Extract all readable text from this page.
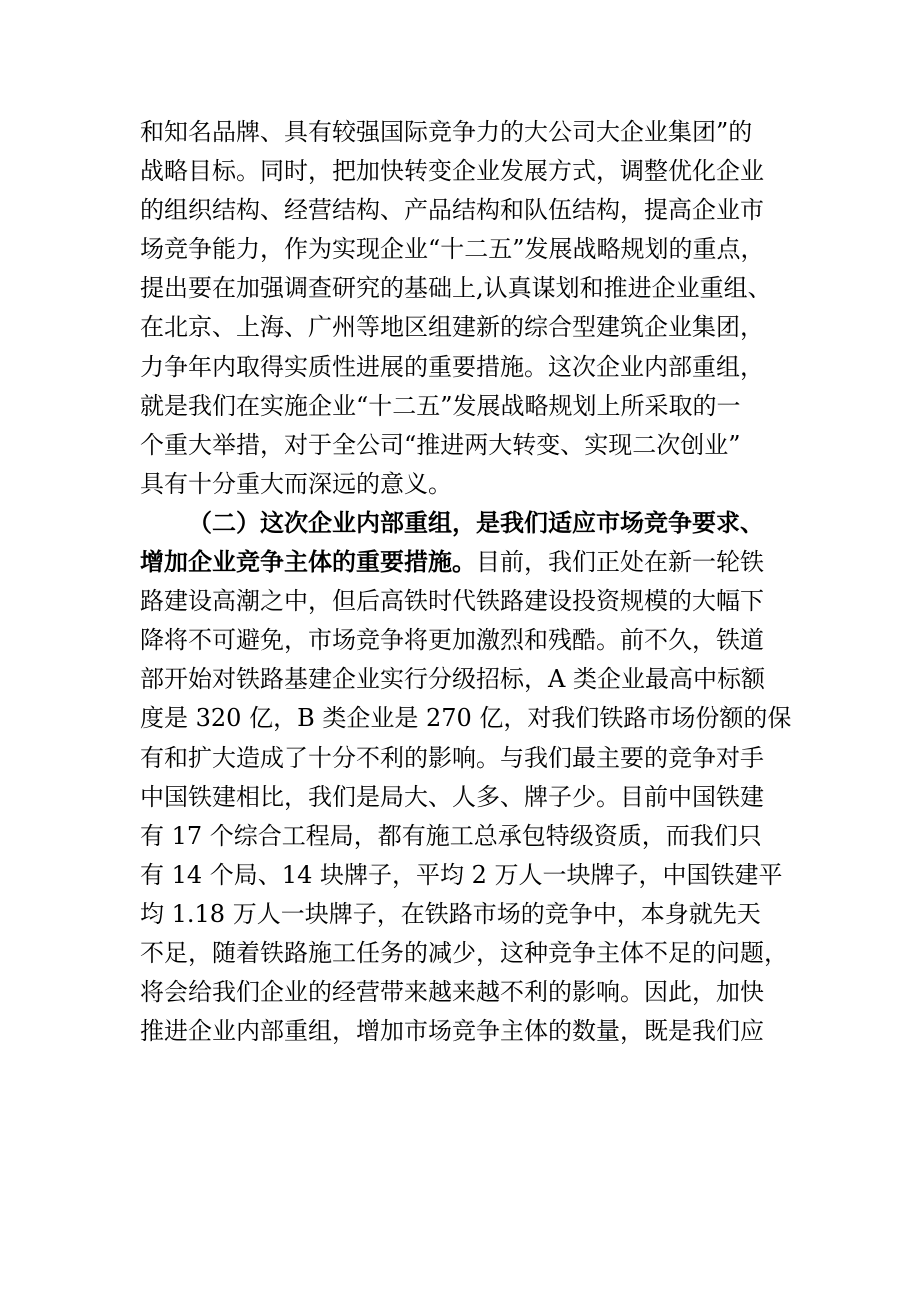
和知名品牌、具有较强国际竞争力的大公司大企业集团”的
战略目标。同时，把加快转变企业发展方式，调整优化企业
的组织结构、经营结构、产品结构和队伍结构，提高企业市
场竞争能力，作为实现企业“十二五”发展战略规划的重点，
提出要在加强调查研究的基础上,认真谋划和推进企业重组、
在北京、上海、广州等地区组建新的综合型建筑企业集团，
力争年内取得实质性进展的重要措施。这次企业内部重组，
就是我们在实施企业“十二五”发展战略规划上所采取的一
个重大举措，对于全公司“推进两大转变、实现二次创业”
具有十分重大而深远的意义。
（二）这次企业内部重组，是我们适应市场竞争要求、
增加企业竞争主体的重要措施。目前，我们正处在新一轮铁
路建设高潮之中，但后高铁时代铁路建设投资规模的大幅下
降将不可避免，市场竞争将更加激烈和残酷。前不久，铁道
部开始对铁路基建企业实行分级招标，A 类企业最高中标额
度是 320 亿，B 类企业是 270 亿，对我们铁路市场份额的保
有和扩大造成了十分不利的影响。与我们最主要的竞争对手
中国铁建相比，我们是局大、人多、牌子少。目前中国铁建
有 17 个综合工程局，都有施工总承包特级资质，而我们只
有 14 个局、14 块牌子，平均 2 万人一块牌子，中国铁建平
均 1.18 万人一块牌子，在铁路市场的竞争中，本身就先天
不足，随着铁路施工任务的减少，这种竞争主体不足的问题，
将会给我们企业的经营带来越来越不利的影响。因此，加快
推进企业内部重组，增加市场竞争主体的数量，既是我们应
